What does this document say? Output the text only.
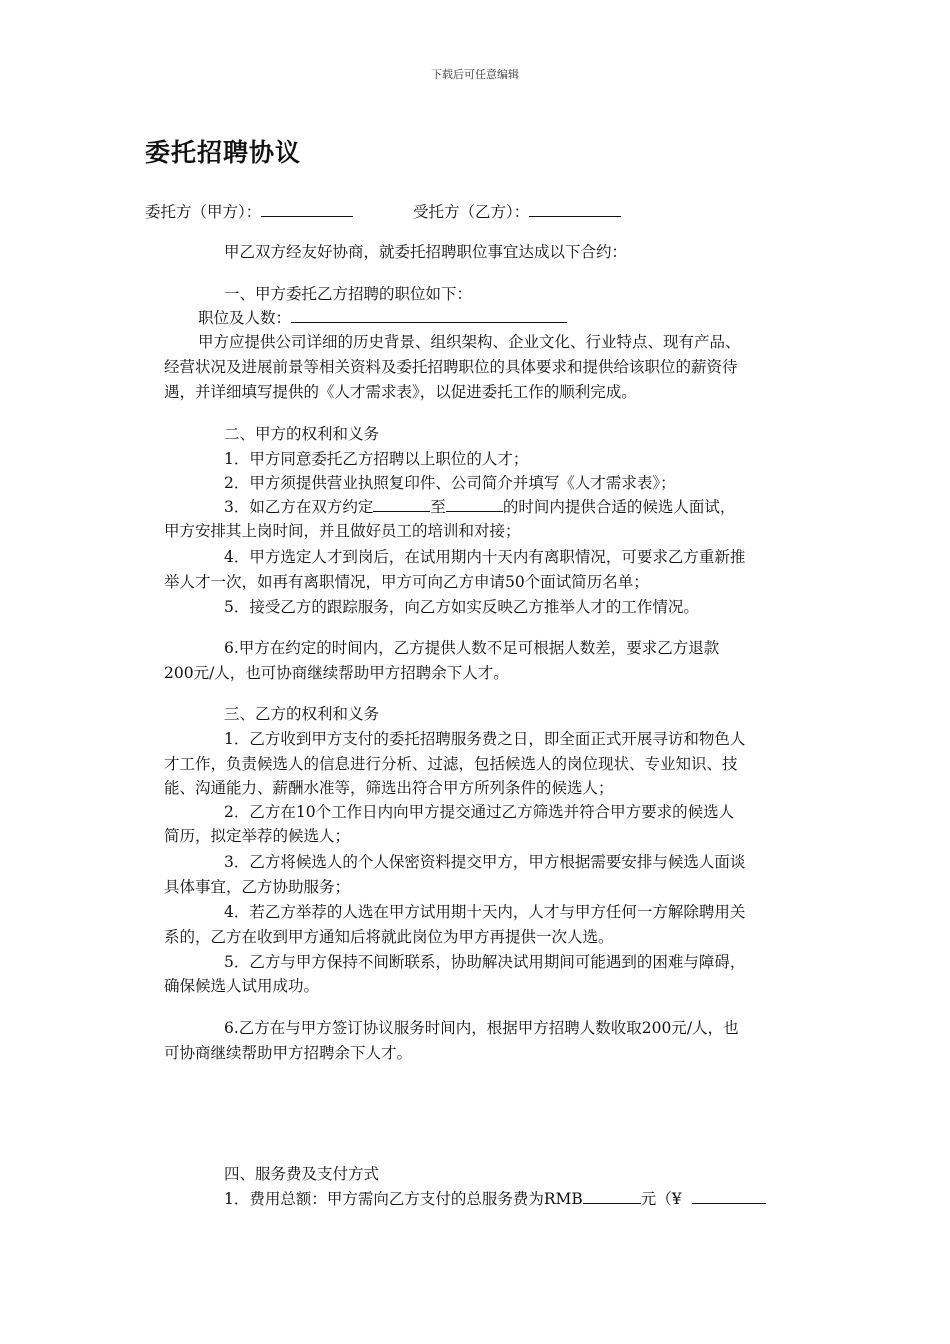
下载后可任意编辑
委托招聘协议
委托方（甲方）：	受托方（乙方）：
甲乙双方经友好协商，就委托招聘职位事宜达成以下合约：
一、甲方委托乙方招聘的职位如下：
职位及人数：
甲方应提供公司详细的历史背景、组织架构、企业文化、行业特点、现有产品、
经营状况及进展前景等相关资料及委托招聘职位的具体要求和提供给该职位的薪资待
遇，并详细填写提供的《人才需求表》，以促进委托工作的顺利完成。
二、甲方的权利和义务
1．甲方同意委托乙方招聘以上职位的人才；
2．甲方须提供营业执照复印件、公司简介并填写《人才需求表》；
3．如乙方在双方约定	至	的时间内提供合适的候选人面试，
甲方安排其上岗时间，并且做好员工的培训和对接；
4．甲方选定人才到岗后，在试用期内十天内有离职情况，可要求乙方重新推
举人才一次，如再有离职情况，甲方可向乙方申请50个面试简历名单；
5．接受乙方的跟踪服务，向乙方如实反映乙方推举人才的工作情况。
6.甲方在约定的时间内，乙方提供人数不足可根据人数差，要求乙方退款
200元/人，也可协商继续帮助甲方招聘余下人才。
三、乙方的权利和义务
1．乙方收到甲方支付的委托招聘服务费之日，即全面正式开展寻访和物色人
才工作，负责候选人的信息进行分析、过滤，包括候选人的岗位现状、专业知识、技
能、沟通能力、薪酬水准等，筛选出符合甲方所列条件的候选人；
2．乙方在10个工作日内向甲方提交通过乙方筛选并符合甲方要求的候选人
简历，拟定举荐的候选人；
3．乙方将候选人的个人保密资料提交甲方，甲方根据需要安排与候选人面谈
具体事宜，乙方协助服务；
4．若乙方举荐的人选在甲方试用期十天内，人才与甲方任何一方解除聘用关
系的，乙方在收到甲方通知后将就此岗位为甲方再提供一次人选。
5．乙方与甲方保持不间断联系，协助解决试用期间可能遇到的困难与障碍，
确保候选人试用成功。
6.乙方在与甲方签订协议服务时间内，根据甲方招聘人数收取200元/人，也
可协商继续帮助甲方招聘余下人才。
四、服务费及支付方式
1．费用总额：甲方需向乙方支付的总服务费为RMB	元（¥
